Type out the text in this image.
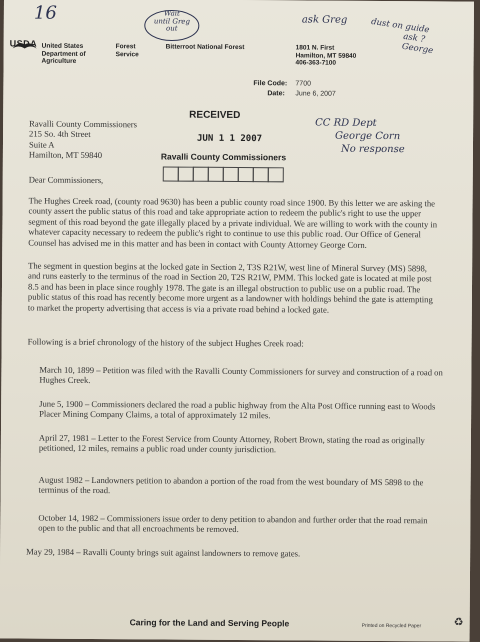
16	Wait
until Greg
out
ask Greg	dust on guide
ask ?
George
USDA United States
Department of
Agriculture
Forest
Service
Bitterroot National Forest	1801 N. First
Hamilton, MT 59840
406-363-7100
File Code: 7700
Date: June 6, 2007
Ravalli County Commissioners
215 So. 4th Street
Suite A
Hamilton, MT 59840
RECEIVED
JUN 1 1 2007
Ravalli County Commissioners
CC RD Dept
George Corn
No response
Dear Commissioners,

The Hughes Creek road, (county road 9630) has been a public county road since 1900. By this letter we are asking the county assert the public status of this road and take appropriate action to redeem the public's right to use the upper segment of this road beyond the gate illegally placed by a private individual. We are willing to work with the county in whatever capacity necessary to redeem the public's right to continue to use this public road. Our Office of General Counsel has advised me in this matter and has been in contact with County Attorney George Corn.

The segment in question begins at the locked gate in Section 2, T3S R21W, west line of Mineral Survey (MS) 5898, and runs easterly to the terminus of the road in Section 20, T2S R21W, PMM. This locked gate is located at mile post 8.5 and has been in place since roughly 1978. The gate is an illegal obstruction to public use on a public road. The public status of this road has recently become more urgent as a landowner with holdings behind the gate is attempting to market the property advertising that access is via a private road behind a locked gate.

Following is a brief chronology of the history of the subject Hughes Creek road:

March 10, 1899 – Petition was filed with the Ravalli County Commissioners for survey and construction of a road on Hughes Creek.

June 5, 1900 – Commissioners declared the road a public highway from the Alta Post Office running east to Woods Placer Mining Company Claims, a total of approximately 12 miles.

April 27, 1981 – Letter to the Forest Service from County Attorney, Robert Brown, stating the road as originally petitioned, 12 miles, remains a public road under county jurisdiction.

August 1982 – Landowners petition to abandon a portion of the road from the west boundary of MS 5898 to the terminus of the road.

October 14, 1982 – Commissioners issue order to deny petition to abandon and further order that the road remain open to the public and that all encroachments be removed.

May 29, 1984 – Ravalli County brings suit against landowners to remove gates.

Caring for the Land and Serving People	Printed on Recycled Paper	♻
